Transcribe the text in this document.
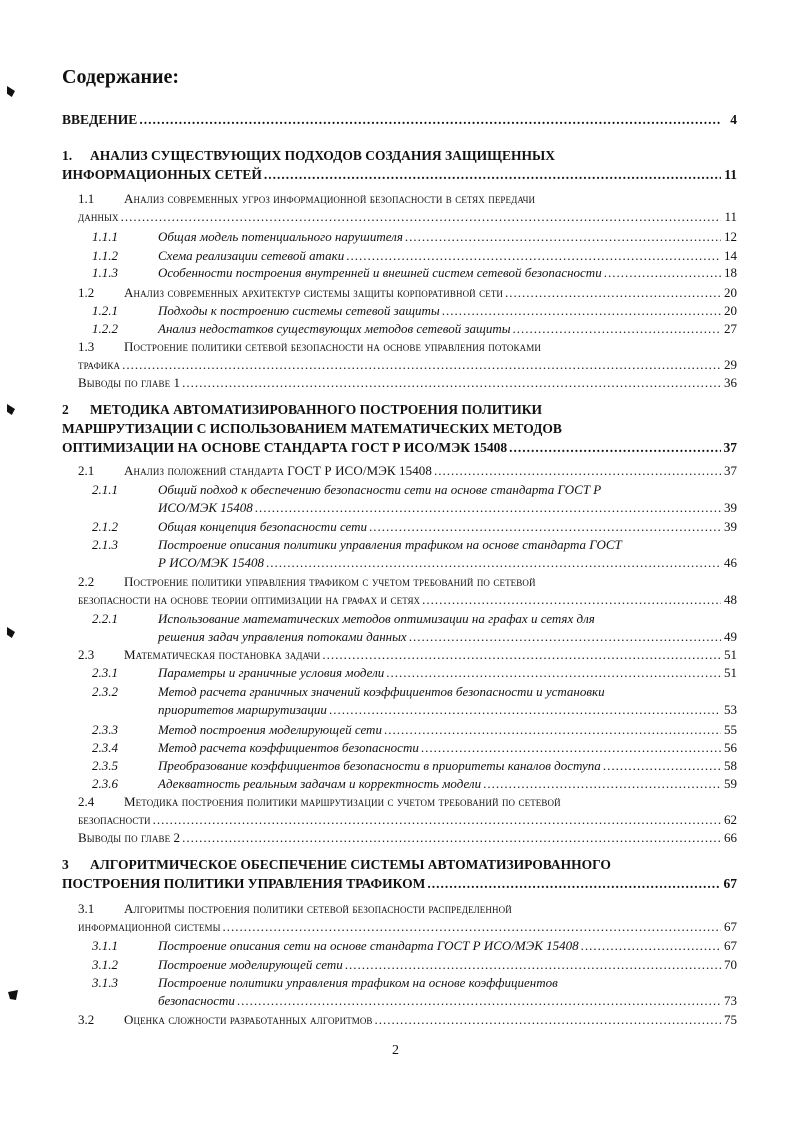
Содержание:
ВВЕДЕНИЕ .....	4
1. АНАЛИЗ СУЩЕСТВУЮЩИХ ПОДХОДОВ СОЗДАНИЯ ЗАЩИЩЕННЫХ
ИНФОРМАЦИОННЫХ СЕТЕЙ .....	11
1.1 Анализ современных угроз информационной безопасности в сетях передачи
данных .....	11
1.1.1	Общая модель потенциального нарушителя .....	12
1.1.2	Схема реализации сетевой атаки .....	14
1.1.3	Особенности построения внутренней и внешней систем сетевой безопасности .....	18
1.2	Анализ современных архитектур системы защиты корпоративной сети .....	20
1.2.1	Подходы к построению системы сетевой защиты .....	20
1.2.2	Анализ недостатков существующих методов сетевой защиты .....	27
1.3 Построение политики сетевой безопасности на основе управления потоками
трафика .....	29
Выводы по главе 1 .....	36
2 МЕТОДИКА АВТОМАТИЗИРОВАННОГО ПОСТРОЕНИЯ ПОЛИТИКИ
МАРШРУТИЗАЦИИ С ИСПОЛЬЗОВАНИЕМ МАТЕМАТИЧЕСКИХ МЕТОДОВ
ОПТИМИЗАЦИИ НА ОСНОВЕ СТАНДАРТА ГОСТ Р ИСО/МЭК 15408 .....	37
2.1	Анализ положений стандарта ГОСТ Р ИСО/МЭК 15408 .....	37
2.1.1	Общий подход к обеспечению безопасности сети на основе стандарта ГОСТ Р
ИСО/МЭК 15408 .....	39
2.1.2	Общая концепция безопасности сети .....	39
2.1.3	Построение описания политики управления трафиком на основе стандарта ГОСТ
Р ИСО/МЭК 15408 .....	46
2.2 Построение политики управления трафиком с учетом требований по сетевой
безопасности на основе теории оптимизации на графах и сетях .....	48
2.2.1	Использование математических методов оптимизации на графах и сетях для
решения задач управления потоками данных .....	49
2.3	Математическая постановка задачи .....	51
2.3.1	Параметры и граничные условия модели .....	51
2.3.2	Метод расчета граничных значений коэффициентов безопасности и установки
приоритетов маршрутизации .....	53
2.3.3	Метод построения моделирующей сети .....	55
2.3.4	Метод расчета коэффициентов безопасности .....	56
2.3.5	Преобразование коэффициентов безопасности в приоритеты каналов доступа .....	58
2.3.6	Адекватность реальным задачам и корректность модели .....	59
2.4 Методика построения политики маршрутизации с учетом требований по сетевой
безопасности .....	62
Выводы по главе 2 .....	66
3 АЛГОРИТМИЧЕСКОЕ ОБЕСПЕЧЕНИЕ СИСТЕМЫ АВТОМАТИЗИРОВАННОГО
ПОСТРОЕНИЯ ПОЛИТИКИ УПРАВЛЕНИЯ ТРАФИКОМ .....	67
3.1 Алгоритмы построения политики сетевой безопасности распределенной
информационной системы .....	67
3.1.1	Построение описания сети на основе стандарта ГОСТ Р ИСО/МЭК 15408 .....	67
3.1.2	Построение моделирующей сети .....	70
3.1.3	Построение политики управления трафиком на основе коэффициентов
безопасности .....	73
3.2	Оценка сложности разработанных алгоритмов .....	75
2
